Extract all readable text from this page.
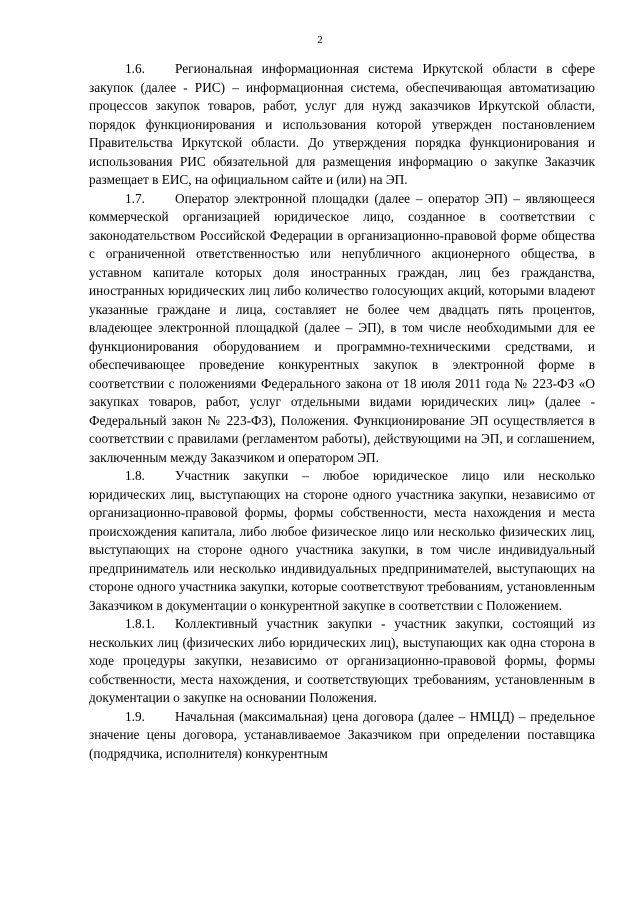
2

1.6. Региональная информационная система Иркутской области в сфере закупок (далее - РИС) – информационная система, обеспечивающая автоматизацию процессов закупок товаров, работ, услуг для нужд заказчиков Иркутской области, порядок функционирования и использования которой утвержден постановлением Правительства Иркутской области. До утверждения порядка функционирования и использования РИС обязательной для размещения информацию о закупке Заказчик размещает в ЕИС, на официальном сайте и (или) на ЭП.

1.7. Оператор электронной площадки (далее – оператор ЭП) – являющееся коммерческой организацией юридическое лицо, созданное в соответствии с законодательством Российской Федерации в организационно-правовой форме общества с ограниченной ответственностью или непубличного акционерного общества, в уставном капитале которых доля иностранных граждан, лиц без гражданства, иностранных юридических лиц либо количество голосующих акций, которыми владеют указанные граждане и лица, составляет не более чем двадцать пять процентов, владеющее электронной площадкой (далее – ЭП), в том числе необходимыми для ее функционирования оборудованием и программно-техническими средствами, и обеспечивающее проведение конкурентных закупок в электронной форме в соответствии с положениями Федерального закона от 18 июля 2011 года № 223-ФЗ «О закупках товаров, работ, услуг отдельными видами юридических лиц» (далее - Федеральный закон № 223-ФЗ), Положения. Функционирование ЭП осуществляется в соответствии с правилами (регламентом работы), действующими на ЭП, и соглашением, заключенным между Заказчиком и оператором ЭП.

1.8. Участник закупки – любое юридическое лицо или несколько юридических лиц, выступающих на стороне одного участника закупки, независимо от организационно-правовой формы, формы собственности, места нахождения и места происхождения капитала, либо любое физическое лицо или несколько физических лиц, выступающих на стороне одного участника закупки, в том числе индивидуальный предприниматель или несколько индивидуальных предпринимателей, выступающих на стороне одного участника закупки, которые соответствуют требованиям, установленным Заказчиком в документации о конкурентной закупке в соответствии с Положением.

1.8.1. Коллективный участник закупки - участник закупки, состоящий из нескольких лиц (физических либо юридических лиц), выступающих как одна сторона в ходе процедуры закупки, независимо от организационно-правовой формы, формы собственности, места нахождения, и соответствующих требованиям, установленным в документации о закупке на основании Положения.

1.9. Начальная (максимальная) цена договора (далее – НМЦД) – предельное значение цены договора, устанавливаемое Заказчиком при определении поставщика (подрядчика, исполнителя) конкурентным
